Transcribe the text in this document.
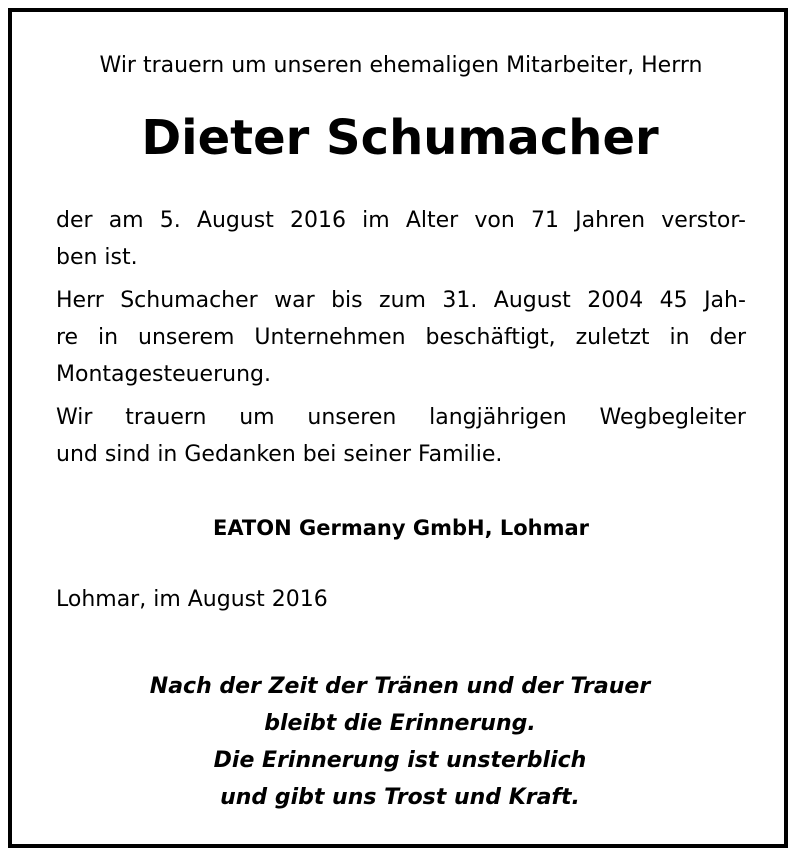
Wir trauern um unseren ehemaligen Mitarbeiter, Herrn
Dieter Schumacher
der am 5. August 2016 im Alter von 71 Jahren verstor-
ben ist.
Herr Schumacher war bis zum 31. August 2004 45 Jah-
re in unserem Unternehmen beschäftigt, zuletzt in der
Montagesteuerung.
Wir trauern um unseren langjährigen Wegbegleiter
und sind in Gedanken bei seiner Familie.
EATON Germany GmbH, Lohmar
Lohmar, im August 2016
Nach der Zeit der Tränen und der Trauer
bleibt die Erinnerung.
Die Erinnerung ist unsterblich
und gibt uns Trost und Kraft.
